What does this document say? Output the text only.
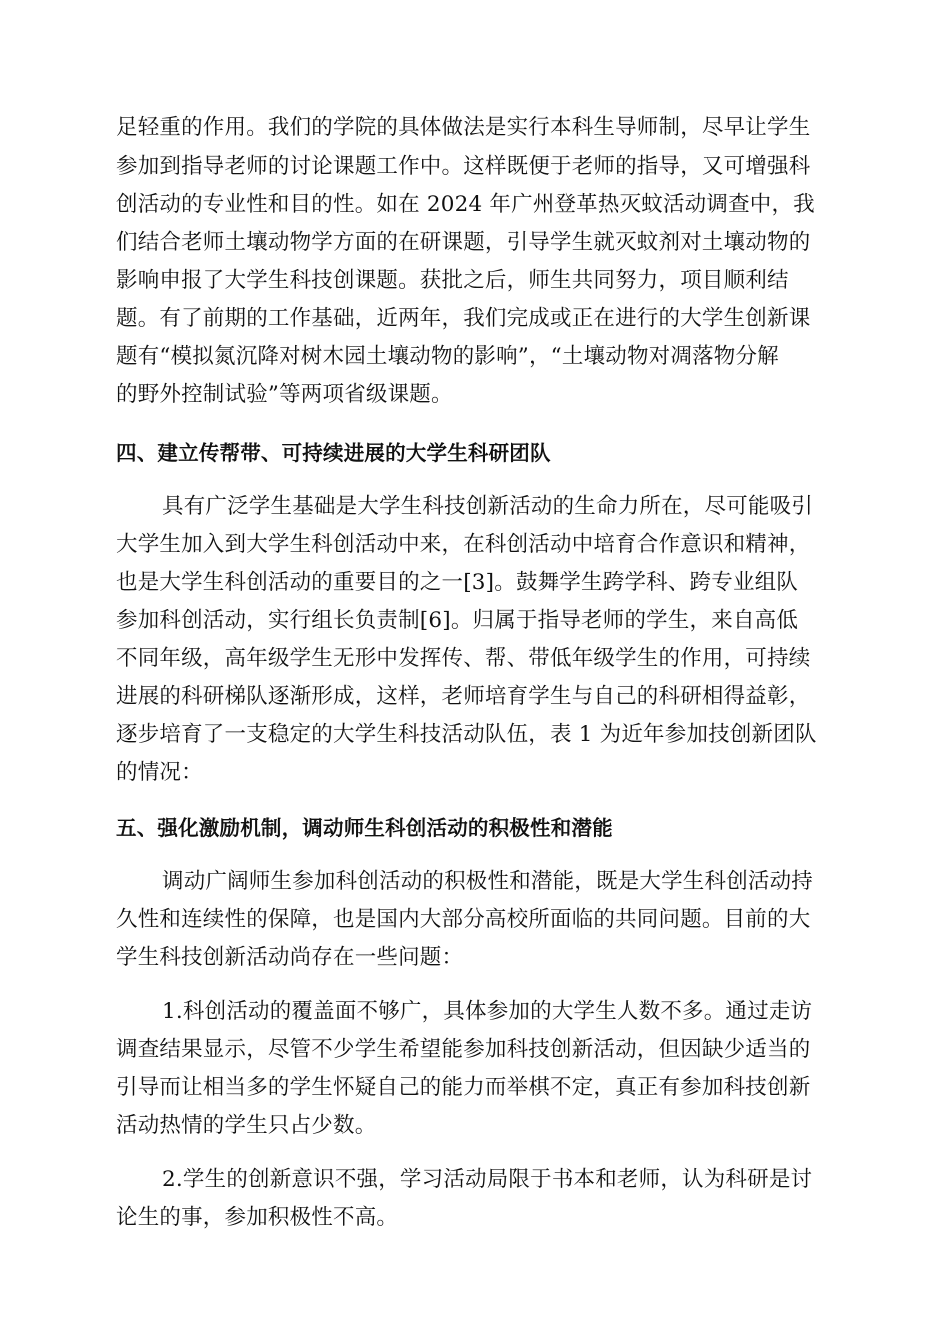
足轻重的作用。我们的学院的具体做法是实行本科生导师制，尽早让学生
参加到指导老师的讨论课题工作中。这样既便于老师的指导，又可增强科
创活动的专业性和目的性。如在 2024 年广州登革热灭蚊活动调查中，我
们结合老师土壤动物学方面的在研课题，引导学生就灭蚊剂对土壤动物的
影响申报了大学生科技创课题。获批之后，师生共同努力，项目顺利结
题。有了前期的工作基础，近两年，我们完成或正在进行的大学生创新课
题有“模拟氮沉降对树木园土壤动物的影响”，“土壤动物对凋落物分解
的野外控制试验”等两项省级课题。
四、建立传帮带、可持续进展的大学生科研团队
具有广泛学生基础是大学生科技创新活动的生命力所在，尽可能吸引
大学生加入到大学生科创活动中来，在科创活动中培育合作意识和精神，
也是大学生科创活动的重要目的之一[3]。鼓舞学生跨学科、跨专业组队
参加科创活动，实行组长负责制[6]。归属于指导老师的学生，来自高低
不同年级，高年级学生无形中发挥传、帮、带低年级学生的作用，可持续
进展的科研梯队逐渐形成，这样，老师培育学生与自己的科研相得益彰，
逐步培育了一支稳定的大学生科技活动队伍，表 1 为近年参加技创新团队
的情况：
五、强化激励机制，调动师生科创活动的积极性和潜能
调动广阔师生参加科创活动的积极性和潜能，既是大学生科创活动持
久性和连续性的保障，也是国内大部分高校所面临的共同问题。目前的大
学生科技创新活动尚存在一些问题：
1.科创活动的覆盖面不够广，具体参加的大学生人数不多。通过走访
调查结果显示，尽管不少学生希望能参加科技创新活动，但因缺少适当的
引导而让相当多的学生怀疑自己的能力而举棋不定，真正有参加科技创新
活动热情的学生只占少数。
2.学生的创新意识不强，学习活动局限于书本和老师，认为科研是讨
论生的事，参加积极性不高。
